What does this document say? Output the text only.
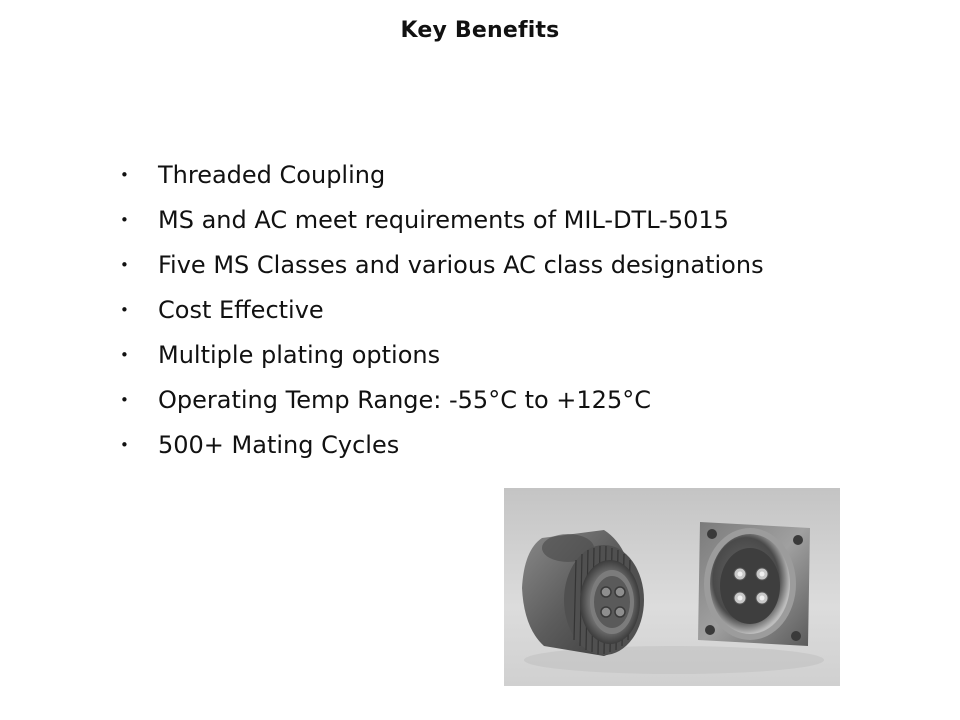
Key Benefits
•	Threaded Coupling
•	MS and AC meet requirements of MIL-DTL-5015
•	Five MS Classes and various AC class designations
•	Cost Effective
•	Multiple plating options
•	Operating Temp Range: -55°C to +125°C
•	500+ Mating Cycles
